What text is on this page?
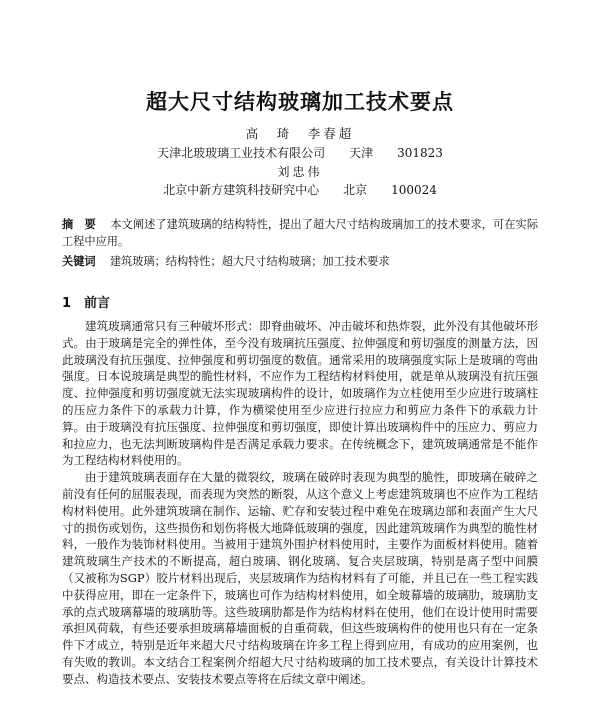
超大尺寸结构玻璃加工技术要点
高　琦　李春超
天津北玻玻璃工业技术有限公司　　天津　　301823
刘忠伟
北京中新方建筑科技研究中心　　北京　　100024
摘　要 本文阐述了建筑玻璃的结构特性，提出了超大尺寸结构玻璃加工的技术要求，可在实际工程中应用。
关键词 建筑玻璃；结构特性；超大尺寸结构玻璃；加工技术要求
1　前言

建筑玻璃通常只有三种破坏形式：即脊曲破坏、冲击破坏和热炸裂，此外没有其他破坏形式。由于玻璃是完全的弹性体，至今没有玻璃抗压强度、拉伸强度和剪切强度的测量方法，因此玻璃没有抗压强度、拉伸强度和剪切强度的数值。通常采用的玻璃强度实际上是玻璃的弯曲强度。日本说玻璃是典型的脆性材料，不应作为工程结构材料使用，就是单从玻璃没有抗压强度、拉伸强度和剪切强度就无法实现玻璃构件的设计，如玻璃作为立柱使用至少应进行玻璃柱的压应力条件下的承载力计算，作为横梁使用至少应进行拉应力和剪应力条件下的承载力计算。由于玻璃没有抗压强度、拉伸强度和剪切强度，即使计算出玻璃构件中的压应力、剪应力和拉应力，也无法判断玻璃构件是否满足承载力要求。在传统概念下，建筑玻璃通常是不能作为工程结构材料使用的。

由于建筑玻璃表面存在大量的微裂纹，玻璃在破碎时表现为典型的脆性，即玻璃在破碎之前没有任何的屈服表现，而表现为突然的断裂，从这个意义上考虑建筑玻璃也不应作为工程结构材料使用。此外建筑玻璃在制作、运输、贮存和安装过程中难免在玻璃边部和表面产生大尺寸的损伤或划伤，这些损伤和划伤将极大地降低玻璃的强度，因此建筑玻璃作为典型的脆性材料，一般作为装饰材料使用。当被用于建筑外围护材料使用时，主要作为面板材料使用。随着建筑玻璃生产技术的不断提高，超白玻璃、钢化玻璃、复合夹层玻璃，特别是离子型中间膜（又被称为SGP）胶片材料出现后，夹层玻璃作为结构材料有了可能，并且已在一些工程实践中获得应用，即在一定条件下，玻璃也可作为结构材料使用，如全玻幕墙的玻璃肋，玻璃肋支承的点式玻璃幕墙的玻璃肋等。这些玻璃肋都是作为结构材料在使用，他们在设计使用时需要承担风荷载，有些还要承担玻璃幕墙面板的自重荷载，但这些玻璃构件的使用也只有在一定条件下才成立，特别是近年来超大尺寸结构玻璃在许多工程上得到应用，有成功的应用案例，也有失败的教训。本文结合工程案例介绍超大尺寸结构玻璃的加工技术要点，有关设计计算技术要点、构造技术要点、安装技术要点等将在后续文章中阐述。
